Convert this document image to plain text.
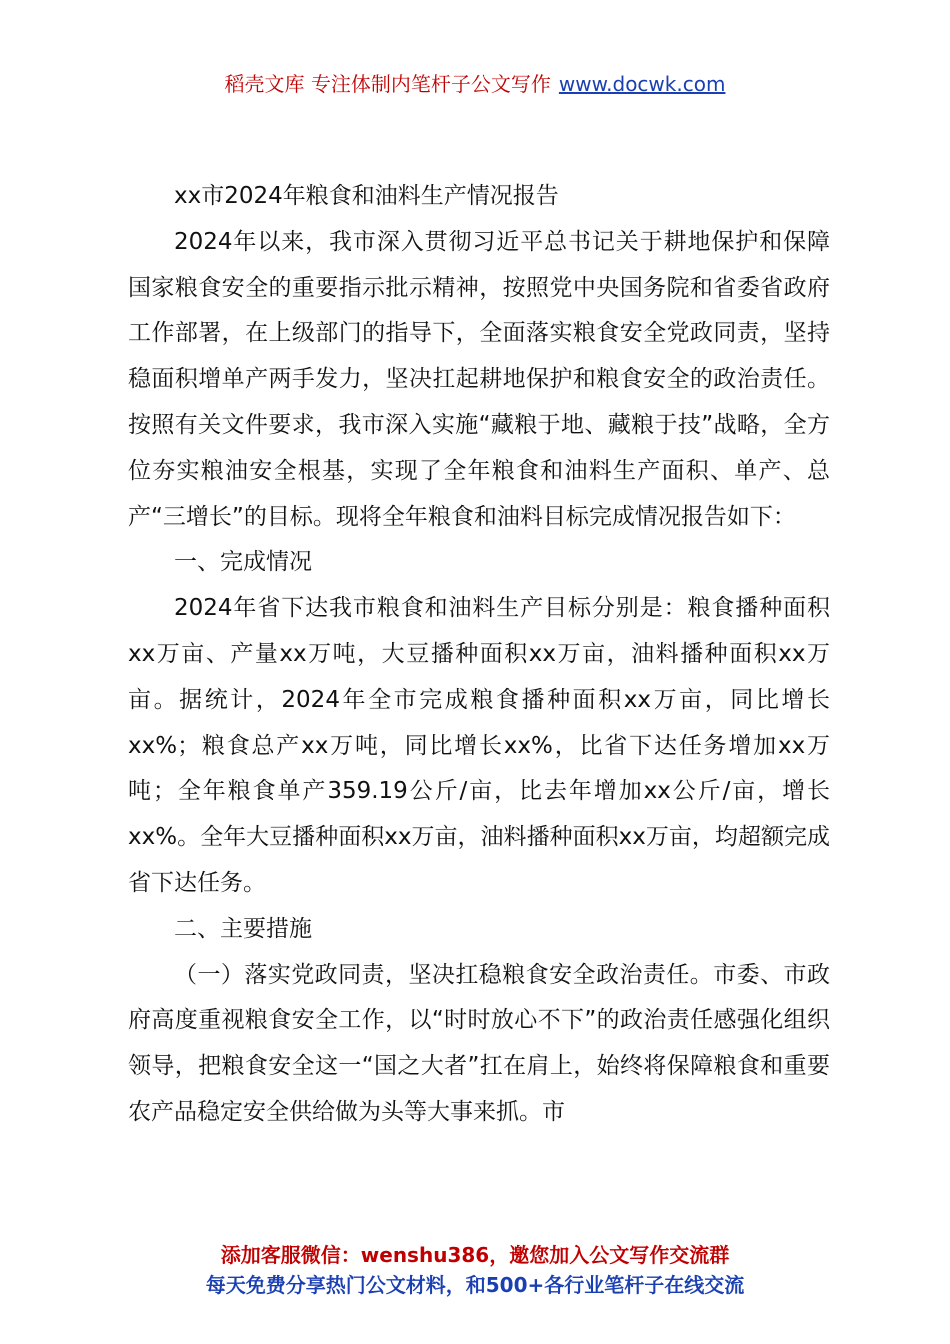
稻壳文库 专注体制内笔杆子公文写作 www.docwk.com

xx市2024年粮食和油料生产情况报告

2024年以来，我市深入贯彻习近平总书记关于耕地保护和保障国家粮食安全的重要指示批示精神，按照党中央国务院和省委省政府工作部署，在上级部门的指导下，全面落实粮食安全党政同责，坚持稳面积增单产两手发力，坚决扛起耕地保护和粮食安全的政治责任。按照有关文件要求，我市深入实施“藏粮于地、藏粮于技”战略，全方位夯实粮油安全根基，实现了全年粮食和油料生产面积、单产、总产“三增长”的目标。现将全年粮食和油料目标完成情况报告如下：

一、完成情况

2024年省下达我市粮食和油料生产目标分别是：粮食播种面积xx万亩、产量xx万吨，大豆播种面积xx万亩，油料播种面积xx万亩。据统计，2024年全市完成粮食播种面积xx万亩，同比增长xx%；粮食总产xx万吨，同比增长xx%，比省下达任务增加xx万吨；全年粮食单产359.19公斤/亩，比去年增加xx公斤/亩，增长xx%。全年大豆播种面积xx万亩，油料播种面积xx万亩，均超额完成省下达任务。

二、主要措施

（一）落实党政同责，坚决扛稳粮食安全政治责任。市委、市政府高度重视粮食安全工作，以“时时放心不下”的政治责任感强化组织领导，把粮食安全这一“国之大者”扛在肩上，始终将保障粮食和重要农产品稳定安全供给做为头等大事来抓。市

添加客服微信：wenshu386，邀您加入公文写作交流群
每天免费分享热门公文材料，和500+各行业笔杆子在线交流
